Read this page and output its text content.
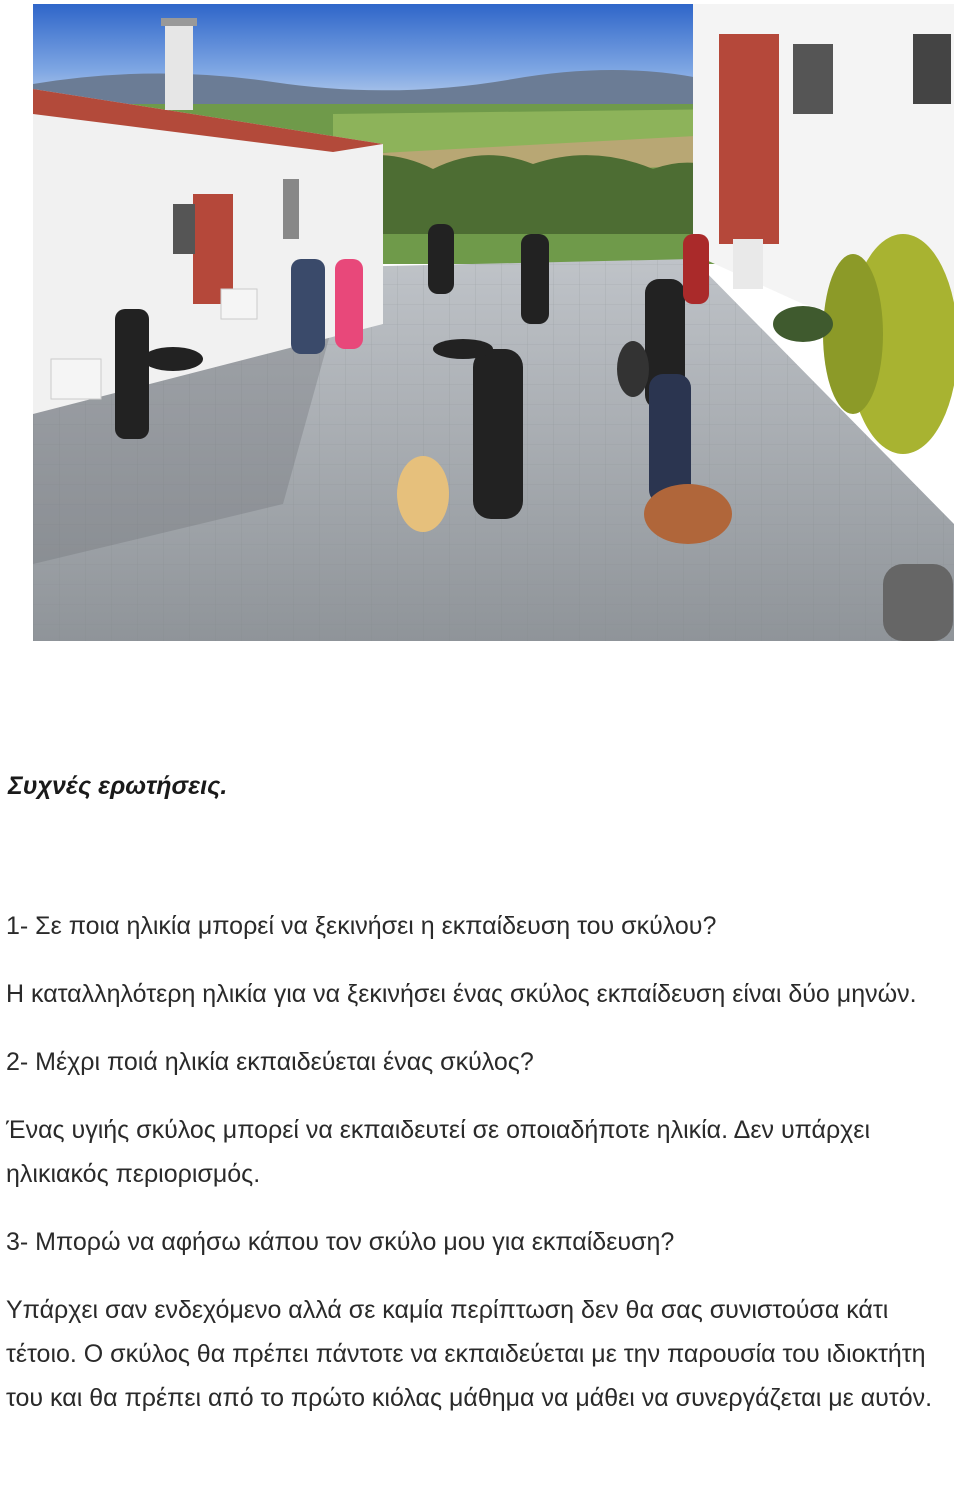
Συχνές ερωτήσεις.

1- Σε ποια ηλικία μπορεί να ξεκινήσει η εκπαίδευση του σκύλου?

Η καταλληλότερη ηλικία για να ξεκινήσει ένας σκύλος εκπαίδευση είναι δύο μηνών.

2- Μέχρι ποιά ηλικία εκπαιδεύεται ένας σκύλος?

Ένας υγιής σκύλος μπορεί να εκπαιδευτεί σε οποιαδήποτε ηλικία. Δεν υπάρχει ηλικιακός περιορισμός.

3- Μπορώ να αφήσω κάπου τον σκύλο μου για εκπαίδευση?

Υπάρχει σαν ενδεχόμενο αλλά σε καμία περίπτωση δεν θα σας συνιστούσα κάτι τέτοιο. Ο σκύλος θα πρέπει πάντοτε να εκπαιδεύεται με την παρουσία του ιδιοκτήτη του και θα πρέπει από το πρώτο κιόλας μάθημα να μάθει να συνεργάζεται με αυτόν.
